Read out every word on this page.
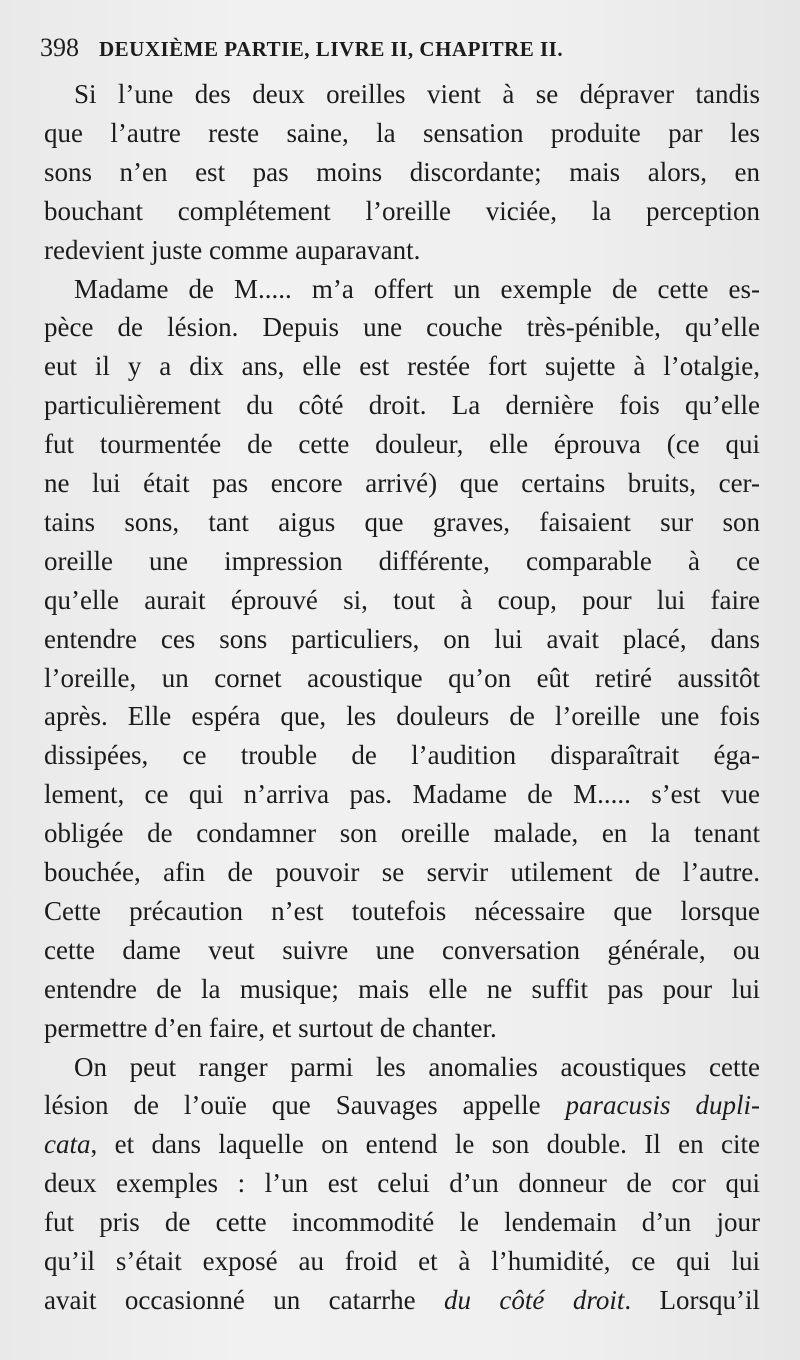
398 DEUXIÈME PARTIE, LIVRE II, CHAPITRE II.
Si l’une des deux oreilles vient à se dépraver tandis
que l’autre reste saine, la sensation produite par les
sons n’en est pas moins discordante; mais alors, en
bouchant complétement l’oreille viciée, la perception
redevient juste comme auparavant.
Madame de M..... m’a offert un exemple de cette es-
pèce de lésion. Depuis une couche très-pénible, qu’elle
eut il y a dix ans, elle est restée fort sujette à l’otalgie,
particulièrement du côté droit. La dernière fois qu’elle
fut tourmentée de cette douleur, elle éprouva (ce qui
ne lui était pas encore arrivé) que certains bruits, cer-
tains sons, tant aigus que graves, faisaient sur son
oreille une impression différente, comparable à ce
qu’elle aurait éprouvé si, tout à coup, pour lui faire
entendre ces sons particuliers, on lui avait placé, dans
l’oreille, un cornet acoustique qu’on eût retiré aussitôt
après. Elle espéra que, les douleurs de l’oreille une fois
dissipées, ce trouble de l’audition disparaîtrait éga-
lement, ce qui n’arriva pas. Madame de M..... s’est vue
obligée de condamner son oreille malade, en la tenant
bouchée, afin de pouvoir se servir utilement de l’autre.
Cette précaution n’est toutefois nécessaire que lorsque
cette dame veut suivre une conversation générale, ou
entendre de la musique; mais elle ne suffit pas pour lui
permettre d’en faire, et surtout de chanter.
On peut ranger parmi les anomalies acoustiques cette
lésion de l’ouïe que Sauvages appelle paracusis dupli-
cata, et dans laquelle on entend le son double. Il en cite
deux exemples : l’un est celui d’un donneur de cor qui
fut pris de cette incommodité le lendemain d’un jour
qu’il s’était exposé au froid et à l’humidité, ce qui lui
avait occasionné un catarrhe du côté droit. Lorsqu’il
